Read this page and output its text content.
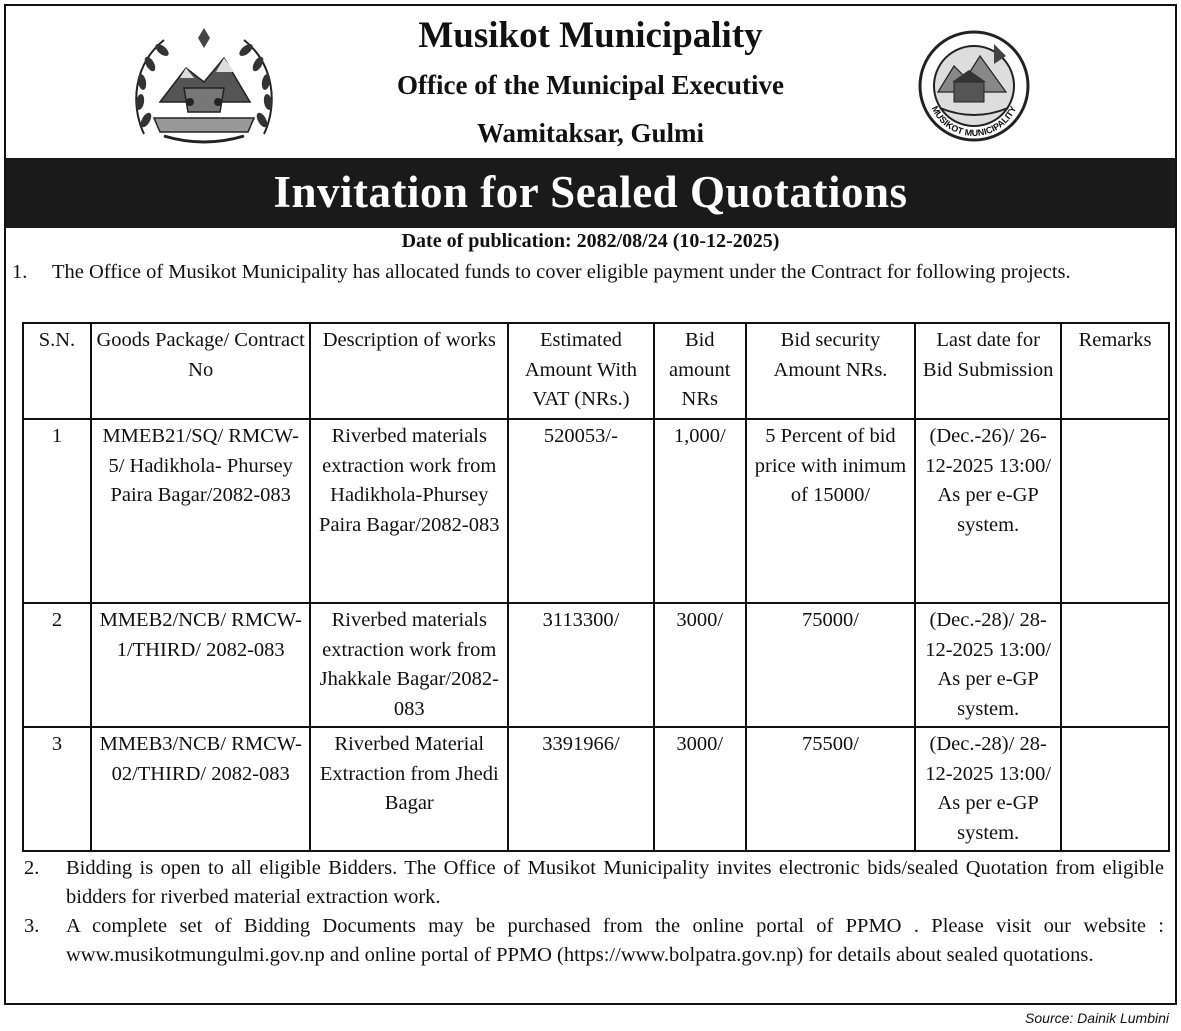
Musikot Municipality
Office of the Municipal Executive
Wamitaksar, Gulmi
MUSIKOT MUNICIPALITY
Invitation for Sealed Quotations
Date of publication: 2082/08/24 (10-12-2025)
1. The Office of Musikot Municipality has allocated funds to cover eligible payment under the Contract for following projects.
S.N.	Goods Package/ Contract No	Description of works	Estimated Amount With VAT (NRs.)	Bid amount NRs	Bid security Amount NRs.	Last date for Bid Submission	Remarks
1	MMEB21/SQ/ RMCW-5/ Hadikhola- Phursey Paira Bagar/2082-083	Riverbed materials extraction work from Hadikhola-Phursey Paira Bagar/2082-083	520053/-	1,000/	5 Percent of bid price with inimum of 15000/	(Dec.-26)/ 26-12-2025 13:00/ As per e-GP system.	
2	MMEB2/NCB/ RMCW-1/THIRD/ 2082-083	Riverbed materials extraction work from Jhakkale Bagar/2082-083	3113300/	3000/	75000/	(Dec.-28)/ 28-12-2025 13:00/ As per e-GP system.	
3	MMEB3/NCB/ RMCW- 02/THIRD/ 2082-083	Riverbed Material Extraction from Jhedi Bagar	3391966/	3000/	75500/	(Dec.-28)/ 28-12-2025 13:00/ As per e-GP system.	
2. Bidding is open to all eligible Bidders. The Office of Musikot Municipality invites electronic bids/sealed Quotation from eligible bidders for riverbed material extraction work.
3. A complete set of Bidding Documents may be purchased from the online portal of PPMO . Please visit our website : www.musikotmungulmi.gov.np and online portal of PPMO (https://www.bolpatra.gov.np) for details about sealed quotations.
Source: Dainik Lumbini
